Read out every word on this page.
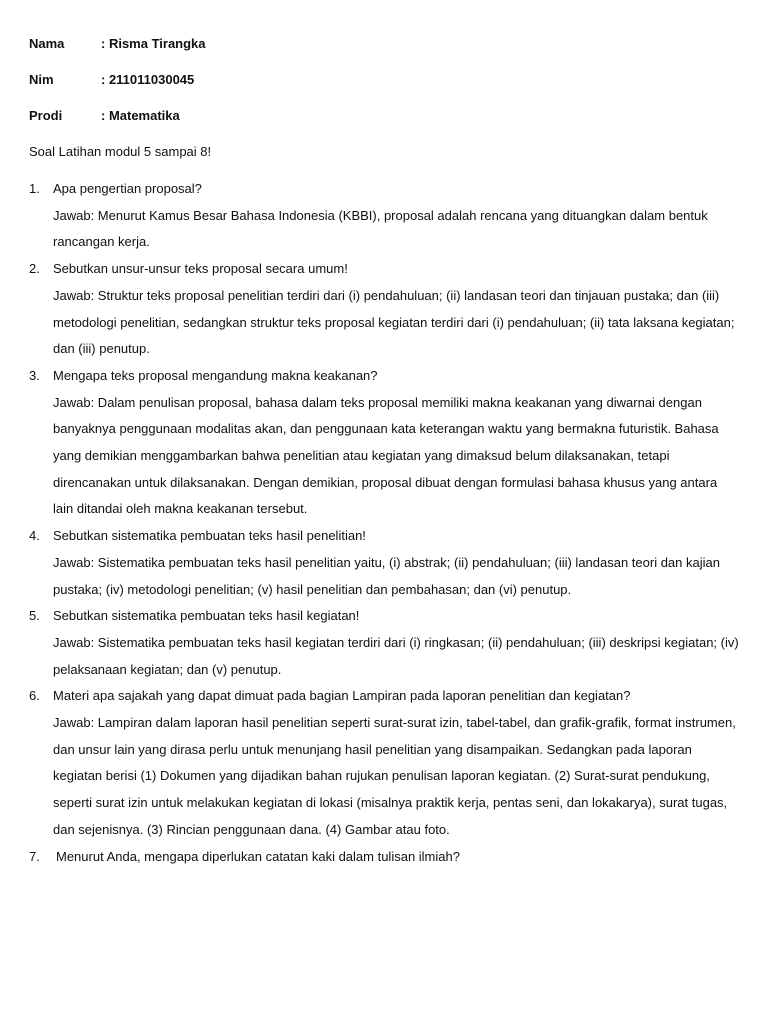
Nama	: Risma Tirangka
Nim	: 211011030045
Prodi	: Matematika
Soal Latihan modul 5 sampai 8!
1. Apa pengertian proposal?
Jawab: Menurut Kamus Besar Bahasa Indonesia (KBBI), proposal adalah rencana yang dituangkan dalam bentuk rancangan kerja.
2. Sebutkan unsur-unsur teks proposal secara umum!
Jawab: Struktur teks proposal penelitian terdiri dari (i) pendahuluan; (ii) landasan teori dan tinjauan pustaka; dan (iii) metodologi penelitian, sedangkan struktur teks proposal kegiatan terdiri dari (i) pendahuluan; (ii) tata laksana kegiatan; dan (iii) penutup.
3. Mengapa teks proposal mengandung makna keakanan?
Jawab: Dalam penulisan proposal, bahasa dalam teks proposal memiliki makna keakanan yang diwarnai dengan banyaknya penggunaan modalitas akan, dan penggunaan kata keterangan waktu yang bermakna futuristik. Bahasa yang demikian menggambarkan bahwa penelitian atau kegiatan yang dimaksud belum dilaksanakan, tetapi direncanakan untuk dilaksanakan. Dengan demikian, proposal dibuat dengan formulasi bahasa khusus yang antara lain ditandai oleh makna keakanan tersebut.
4. Sebutkan sistematika pembuatan teks hasil penelitian!
Jawab: Sistematika pembuatan teks hasil penelitian yaitu, (i) abstrak; (ii) pendahuluan; (iii) landasan teori dan kajian pustaka; (iv) metodologi penelitian; (v) hasil penelitian dan pembahasan; dan (vi) penutup.
5. Sebutkan sistematika pembuatan teks hasil kegiatan!
Jawab: Sistematika pembuatan teks hasil kegiatan terdiri dari (i) ringkasan; (ii) pendahuluan; (iii) deskripsi kegiatan; (iv) pelaksanaan kegiatan; dan (v) penutup.
6. Materi apa sajakah yang dapat dimuat pada bagian Lampiran pada laporan penelitian dan kegiatan?
Jawab: Lampiran dalam laporan hasil penelitian seperti surat-surat izin, tabel-tabel, dan grafik-grafik, format instrumen, dan unsur lain yang dirasa perlu untuk menunjang hasil penelitian yang disampaikan. Sedangkan pada laporan kegiatan berisi (1) Dokumen yang dijadikan bahan rujukan penulisan laporan kegiatan. (2) Surat-surat pendukung, seperti surat izin untuk melakukan kegiatan di lokasi (misalnya praktik kerja, pentas seni, dan lokakarya), surat tugas, dan sejenisnya. (3) Rincian penggunaan dana. (4) Gambar atau foto.
7. Menurut Anda, mengapa diperlukan catatan kaki dalam tulisan ilmiah?
